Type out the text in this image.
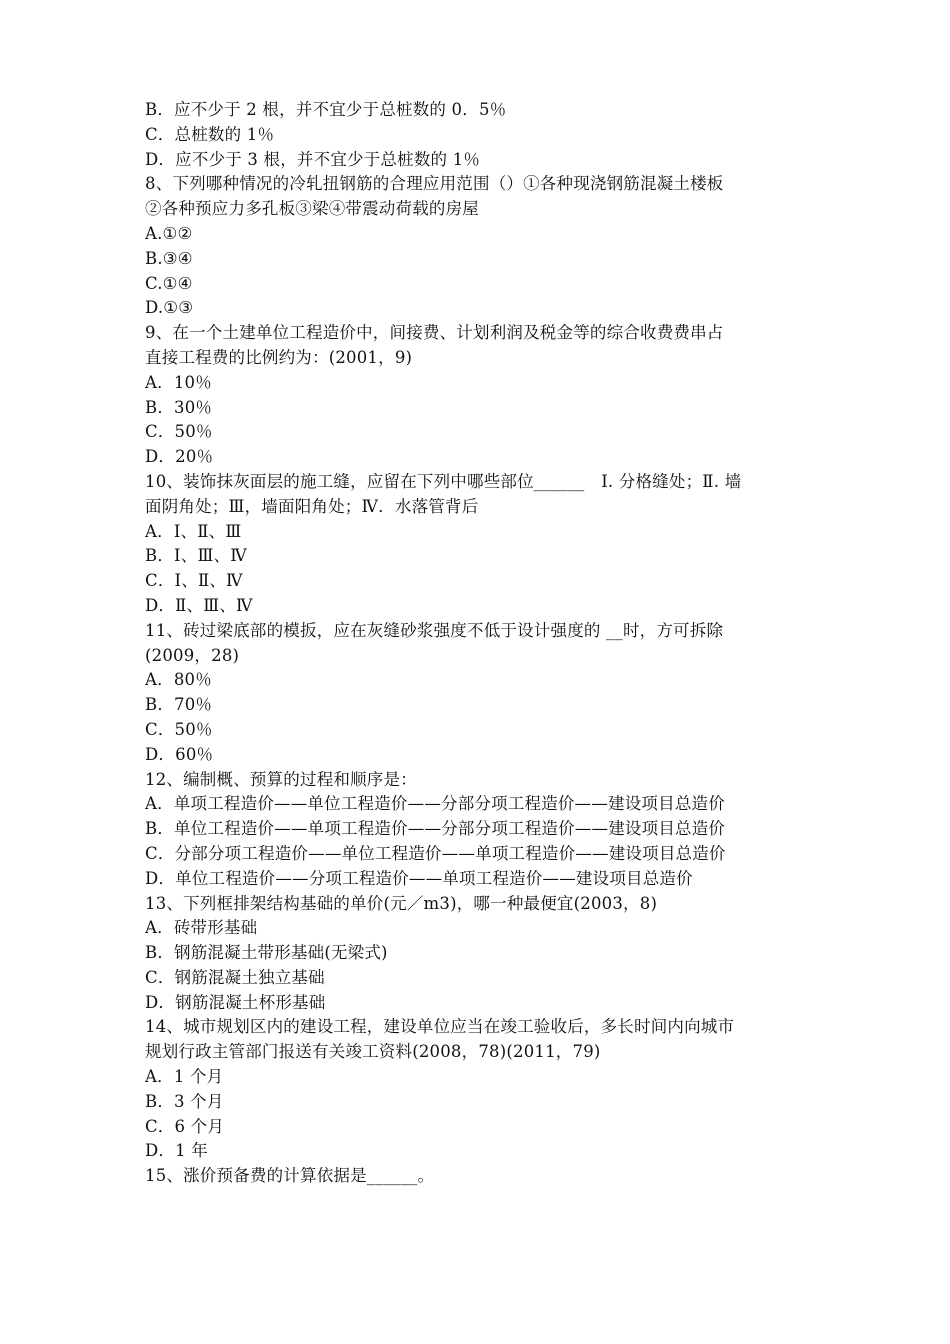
B．应不少于 2 根，并不宜少于总桩数的 0．5％
C．总桩数的 1％
D．应不少于 3 根，并不宜少于总桩数的 1％
8、下列哪种情况的冷轧扭钢筋的合理应用范围（）①各种现浇钢筋混凝土楼板
②各种预应力多孔板③梁④带震动荷载的房屋
A.①②
B.③④
C.①④
D.①③
9、在一个土建单位工程造价中，间接费、计划利润及税金等的综合收费费串占
直接工程费的比例约为：(2001，9)
A．10％
B．30％
C．50％
D．20％
10、装饰抹灰面层的施工缝，应留在下列中哪些部位______　Ⅰ. 分格缝处；Ⅱ. 墙
面阴角处；Ⅲ，墙面阳角处；Ⅳ．水落管背后
A．Ⅰ、Ⅱ、Ⅲ
B．Ⅰ、Ⅲ、Ⅳ
C．Ⅰ、Ⅱ、Ⅳ
D．Ⅱ、Ⅲ、Ⅳ
11、砖过梁底部的模扳，应在灰缝砂浆强度不低于设计强度的 __时，方可拆除
(2009，28)
A．80％
B．70％
C．50％
D．60％
12、编制概、预算的过程和顺序是：
A．单项工程造价——单位工程造价——分部分项工程造价——建设项目总造价
B．单位工程造价——单项工程造价——分部分项工程造价——建设项目总造价
C．分部分项工程造价——单位工程造价——单项工程造价——建设项目总造价
D．单位工程造价——分项工程造价——单项工程造价——建设项目总造价
13、下列框排架结构基础的单价(元／m3)，哪一种最便宜(2003，8)
A．砖带形基础
B．钢筋混凝土带形基础(无梁式)
C．钢筋混凝土独立基础
D．钢筋混凝土杯形基础
14、城市规划区内的建设工程，建设单位应当在竣工验收后，多长时间内向城市
规划行政主管部门报送有关竣工资料(2008，78)(2011，79)
A．1 个月
B．3 个月
C．6 个月
D．1 年
15、涨价预备费的计算依据是______。
